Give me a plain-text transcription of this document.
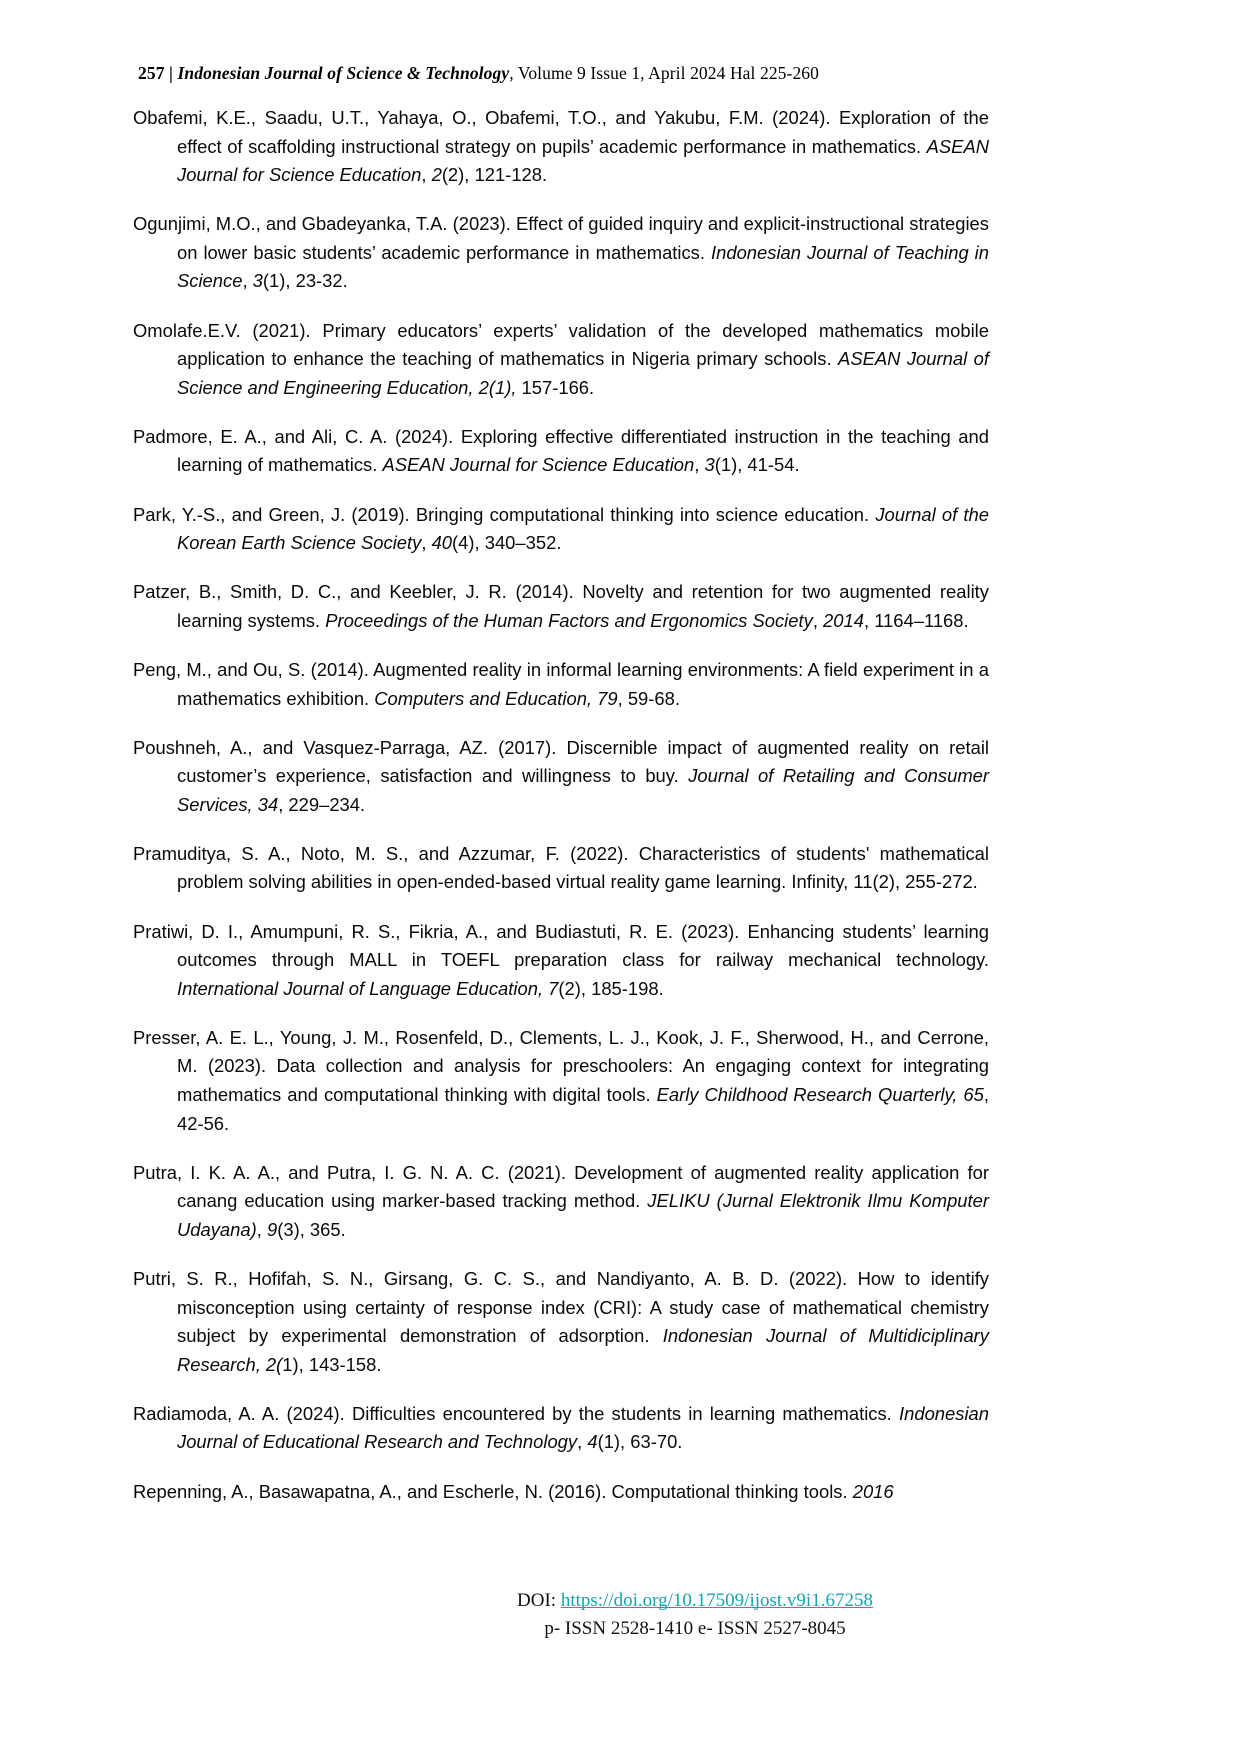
257 | Indonesian Journal of Science & Technology, Volume 9 Issue 1, April 2024 Hal 225-260
Obafemi, K.E., Saadu, U.T., Yahaya, O., Obafemi, T.O., and Yakubu, F.M. (2024). Exploration of the effect of scaffolding instructional strategy on pupils’ academic performance in mathematics. ASEAN Journal for Science Education, 2(2), 121-128.
Ogunjimi, M.O., and Gbadeyanka, T.A. (2023). Effect of guided inquiry and explicit-instructional strategies on lower basic students’ academic performance in mathematics. Indonesian Journal of Teaching in Science, 3(1), 23-32.
Omolafe.E.V. (2021). Primary educators’ experts’ validation of the developed mathematics mobile application to enhance the teaching of mathematics in Nigeria primary schools. ASEAN Journal of Science and Engineering Education, 2(1), 157-166.
Padmore, E. A., and Ali, C. A. (2024). Exploring effective differentiated instruction in the teaching and learning of mathematics. ASEAN Journal for Science Education, 3(1), 41-54.
Park, Y.-S., and Green, J. (2019). Bringing computational thinking into science education. Journal of the Korean Earth Science Society, 40(4), 340–352.
Patzer, B., Smith, D. C., and Keebler, J. R. (2014). Novelty and retention for two augmented reality learning systems. Proceedings of the Human Factors and Ergonomics Society, 2014, 1164–1168.
Peng, M., and Ou, S. (2014). Augmented reality in informal learning environments: A field experiment in a mathematics exhibition. Computers and Education, 79, 59-68.
Poushneh, A., and Vasquez-Parraga, AZ. (2017). Discernible impact of augmented reality on retail customer’s experience, satisfaction and willingness to buy. Journal of Retailing and Consumer Services, 34, 229–234.
Pramuditya, S. A., Noto, M. S., and Azzumar, F. (2022). Characteristics of students' mathematical problem solving abilities in open-ended-based virtual reality game learning. Infinity, 11(2), 255-272.
Pratiwi, D. I., Amumpuni, R. S., Fikria, A., and Budiastuti, R. E. (2023). Enhancing students’ learning outcomes through MALL in TOEFL preparation class for railway mechanical technology. International Journal of Language Education, 7(2), 185-198.
Presser, A. E. L., Young, J. M., Rosenfeld, D., Clements, L. J., Kook, J. F., Sherwood, H., and Cerrone, M. (2023). Data collection and analysis for preschoolers: An engaging context for integrating mathematics and computational thinking with digital tools. Early Childhood Research Quarterly, 65, 42-56.
Putra, I. K. A. A., and Putra, I. G. N. A. C. (2021). Development of augmented reality application for canang education using marker-based tracking method. JELIKU (Jurnal Elektronik Ilmu Komputer Udayana), 9(3), 365.
Putri, S. R., Hofifah, S. N., Girsang, G. C. S., and Nandiyanto, A. B. D. (2022). How to identify misconception using certainty of response index (CRI): A study case of mathematical chemistry subject by experimental demonstration of adsorption. Indonesian Journal of Multidiciplinary Research, 2(1), 143-158.
Radiamoda, A. A. (2024). Difficulties encountered by the students in learning mathematics. Indonesian Journal of Educational Research and Technology, 4(1), 63-70.
Repenning, A., Basawapatna, A., and Escherle, N. (2016). Computational thinking tools. 2016
DOI: https://doi.org/10.17509/ijost.v9i1.67258
p- ISSN 2528-1410 e- ISSN 2527-8045
